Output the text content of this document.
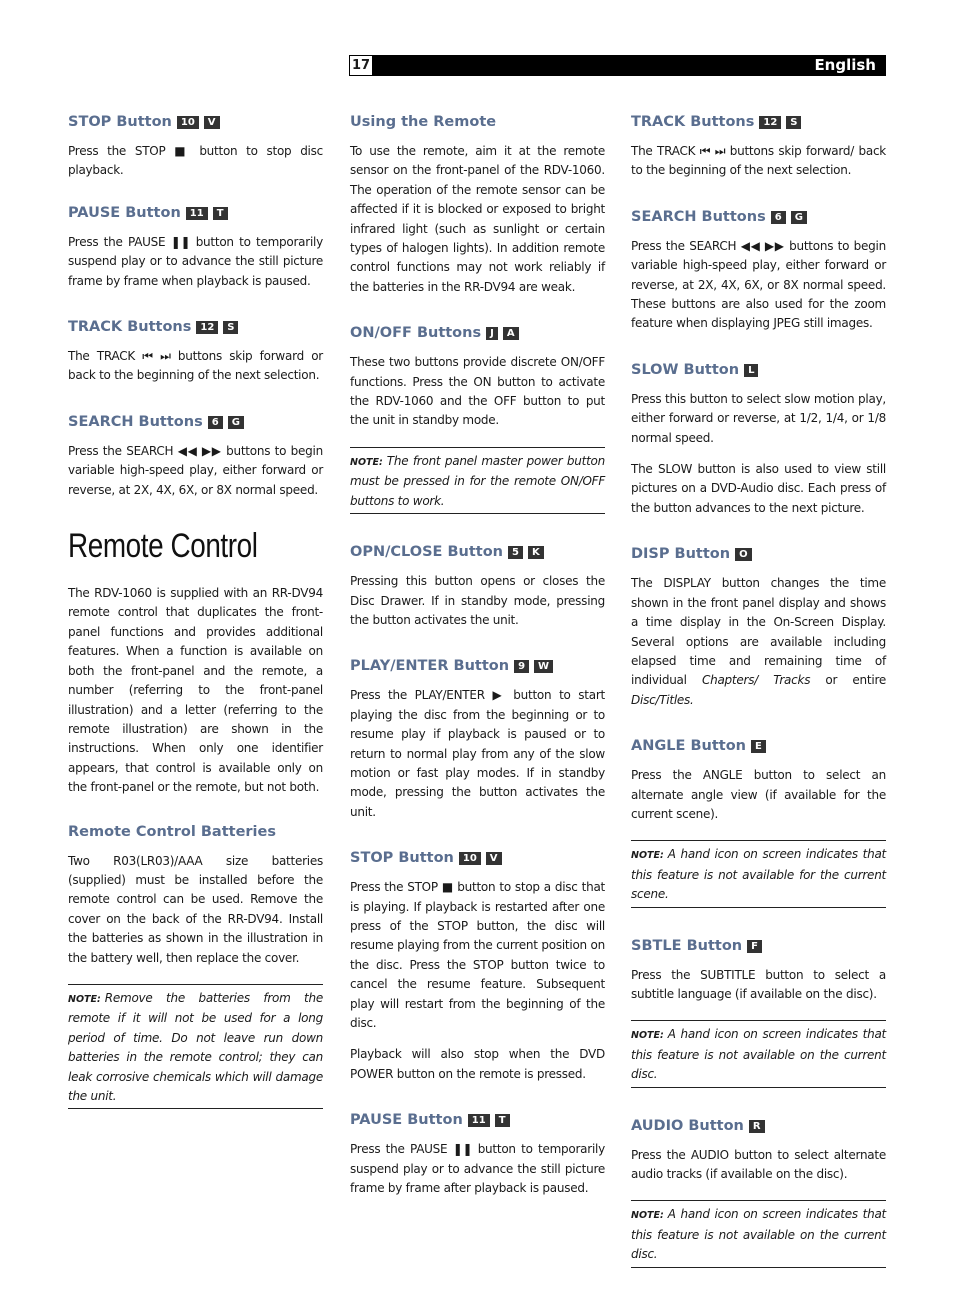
17	English
STOP Button 10 V

Press the STOP ■ button to stop disc playback.

PAUSE Button 11 T

Press the PAUSE ❚❚ button to temporarily suspend play or to advance the still picture frame by frame when playback is paused.

TRACK Buttons 12 S

The TRACK ⏮ ⏭ buttons skip forward or back to the beginning of the next selection.

SEARCH Buttons 6 G

Press the SEARCH ◀◀ ▶▶ buttons to begin variable high-speed play, either forward or reverse, at 2X, 4X, 6X, or 8X normal speed.

Remote Control

The RDV-1060 is supplied with an RR-DV94 remote control that duplicates the front-panel functions and provides additional features. When a function is available on both the front-panel and the remote, a number (referring to the front-panel illustration) and a letter (referring to the remote illustration) are shown in the instructions. When only one identifier appears, that control is available only on the front-panel or the remote, but not both.

Remote Control Batteries

Two R03(LR03)/AAA size batteries (supplied) must be installed before the remote control can be used. Remove the cover on the back of the RR-DV94. Install the batteries as shown in the illustration in the battery well, then replace the cover.

NOTE: Remove the batteries from the remote if it will not be used for a long period of time. Do not leave run down batteries in the remote control; they can leak corrosive chemicals which will damage the unit.
Using the Remote

To use the remote, aim it at the remote sensor on the front-panel of the RDV-1060. The operation of the remote sensor can be affected if it is blocked or exposed to bright infrared light (such as sunlight or certain types of halogen lights). In addition remote control functions may not work reliably if the batteries in the RR-DV94 are weak.

ON/OFF Buttons J A

These two buttons provide discrete ON/OFF functions. Press the ON button to activate the RDV-1060 and the OFF button to put the unit in standby mode.

NOTE: The front panel master power button must be pressed in for the remote ON/OFF buttons to work.
OPN/CLOSE Button 5 K

Pressing this button opens or closes the Disc Drawer. If in standby mode, pressing the button activates the unit.

PLAY/ENTER Button 9 W

Press the PLAY/ENTER ▶ button to start playing the disc from the beginning or to resume play if playback is paused or to return to normal play from any of the slow motion or fast play modes. If in standby mode, pressing the button activates the unit.

STOP Button 10 V

Press the STOP ■ button to stop a disc that is playing. If playback is restarted after one press of the STOP button, the disc will resume playing from the current position on the disc. Press the STOP button twice to cancel the resume feature. Subsequent play will restart from the beginning of the disc.

Playback will also stop when the DVD POWER button on the remote is pressed.

PAUSE Button 11 T

Press the PAUSE ❚❚ button to temporarily suspend play or to advance the still picture frame by frame after playback is paused.

TRACK Buttons 12 S

The TRACK ⏮ ⏭ buttons skip forward/ back to the beginning of the next selection.

SEARCH Buttons 6 G

Press the SEARCH ◀◀ ▶▶ buttons to begin variable high-speed play, either forward or reverse, at 2X, 4X, 6X, or 8X normal speed. These buttons are also used for the zoom feature when displaying JPEG still images.

SLOW Button L

Press this button to select slow motion play, either forward or reverse, at 1/2, 1/4, or 1/8 normal speed.

The SLOW button is also used to view still pictures on a DVD-Audio disc. Each press of the button advances to the next picture.

DISP Button O

The DISPLAY button changes the time shown in the front panel display and shows a time display in the On-Screen Display. Several options are available including elapsed time and remaining time of individual Chapters/ Tracks or entire Disc/Titles.

ANGLE Button E

Press the ANGLE button to select an alternate angle view (if available for the current scene).

NOTE: A hand icon on screen indicates that this feature is not available for the current scene.
SBTLE Button F

Press the SUBTITLE button to select a subtitle language (if available on the disc).

NOTE: A hand icon on screen indicates that this feature is not available on the current disc.
AUDIO Button R

Press the AUDIO button to select alternate audio tracks (if available on the disc).

NOTE: A hand icon on screen indicates that this feature is not available on the current disc.
